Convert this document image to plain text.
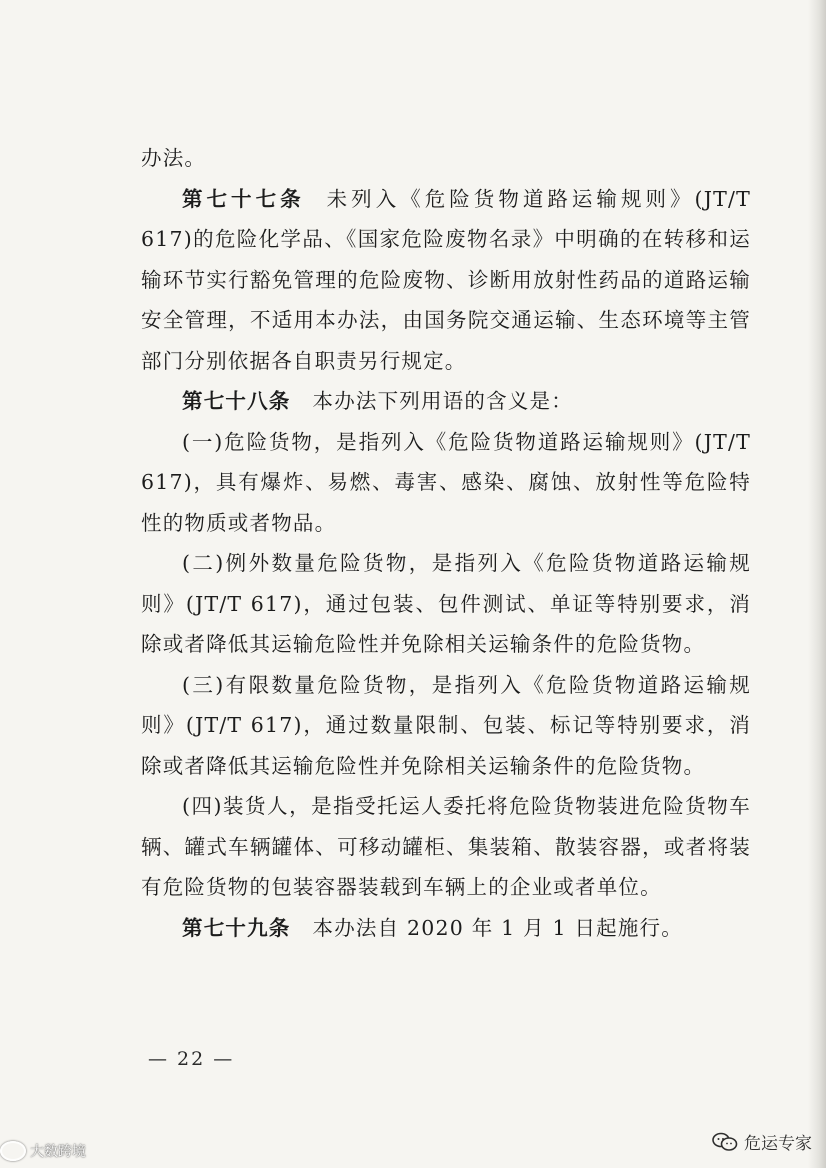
办法。

第七十七条 未列入《危险货物道路运输规则》(JT/T 617)的危险化学品、《国家危险废物名录》中明确的在转移和运输环节实行豁免管理的危险废物、诊断用放射性药品的道路运输安全管理，不适用本办法，由国务院交通运输、生态环境等主管部门分别依据各自职责另行规定。

第七十八条 本办法下列用语的含义是：

(一)危险货物，是指列入《危险货物道路运输规则》(JT/T 617)，具有爆炸、易燃、毒害、感染、腐蚀、放射性等危险特性的物质或者物品。

(二)例外数量危险货物，是指列入《危险货物道路运输规则》(JT/T 617)，通过包装、包件测试、单证等特别要求，消除或者降低其运输危险性并免除相关运输条件的危险货物。

(三)有限数量危险货物，是指列入《危险货物道路运输规则》(JT/T 617)，通过数量限制、包装、标记等特别要求，消除或者降低其运输危险性并免除相关运输条件的危险货物。

(四)装货人，是指受托运人委托将危险货物装进危险货物车辆、罐式车辆罐体、可移动罐柜、集装箱、散装容器，或者将装有危险货物的包装容器装载到车辆上的企业或者单位。

第七十九条 本办法自 2020 年 1 月 1 日起施行。

— 22 —
大数跨境	危运专家
